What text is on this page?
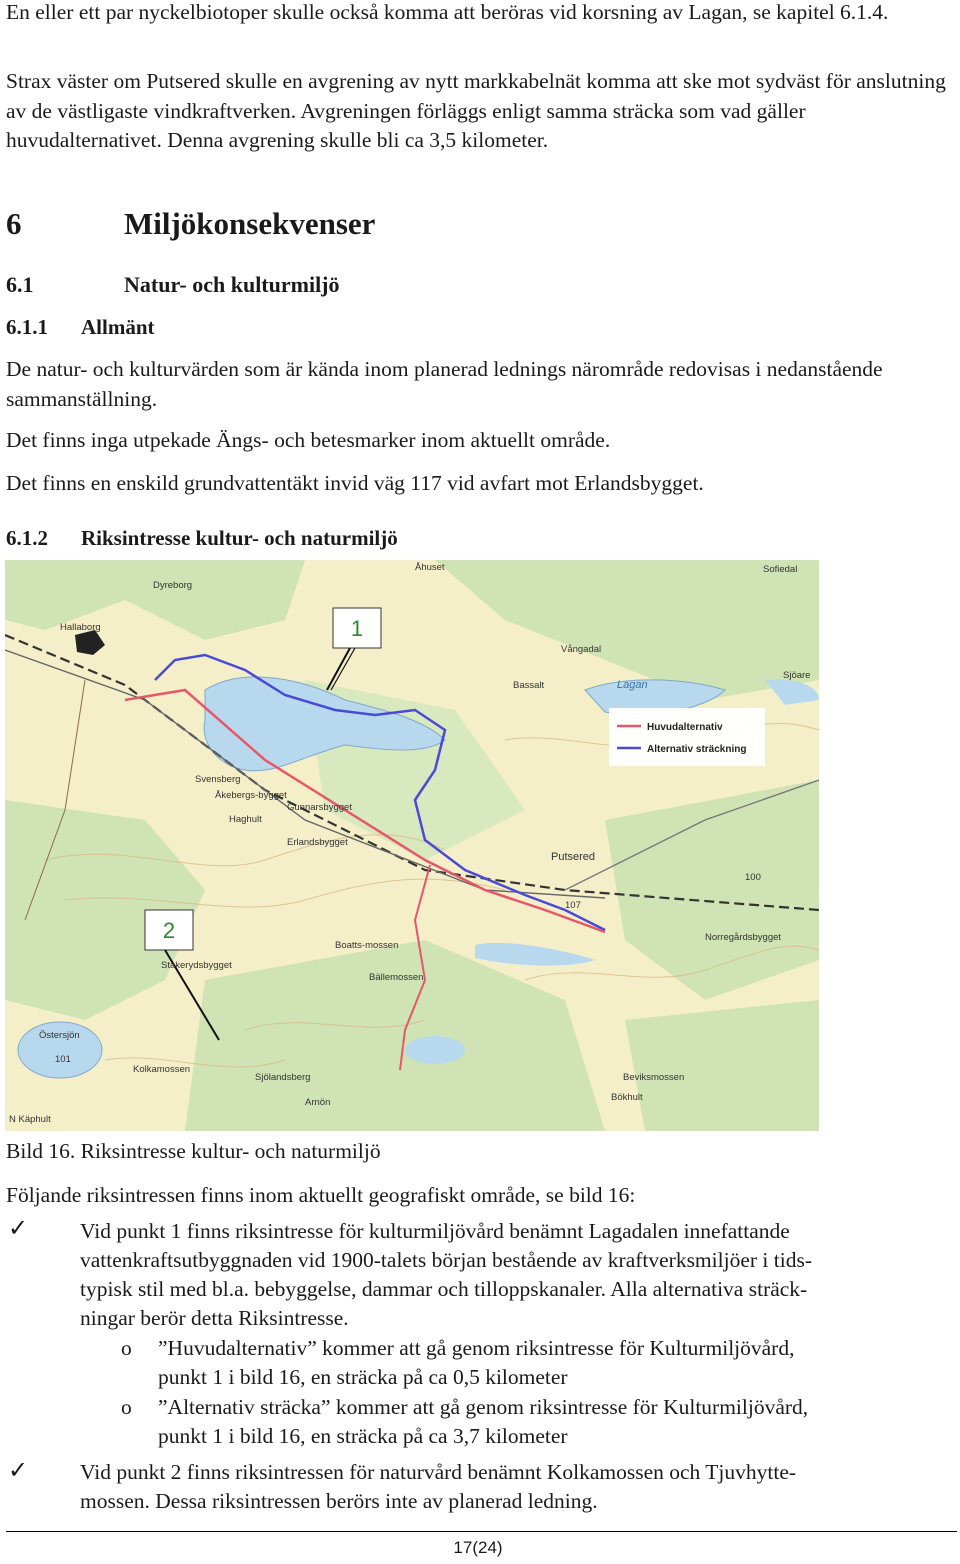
En eller ett par nyckelbiotoper skulle också komma att beröras vid korsning av Lagan, se kapitel 6.1.4.

Strax väster om Putsered skulle en avgrening av nytt markkabelnät komma att ske mot sydväst för anslutning av de västligaste vindkraftverken. Avgreningen förläggs enligt samma sträcka som vad gäller huvudalternativet. Denna avgrening skulle bli ca 3,5 kilometer.

6	Miljökonsekvenser
6.1	Natur- och kulturmiljö
6.1.1 Allmänt

De natur- och kulturvärden som är kända inom planerad lednings närområde redovisas i nedanstående sammanställning.

Det finns inga utpekade Ängs- och betesmarker inom aktuellt område.

Det finns en enskild grundvattentäkt invid väg 117 vid avfart mot Erlandsbygget.

6.1.2 Riksintresse kultur- och naturmiljö
Huvudalternativ
Alternativ sträckning
1
2
Åhuset	Sofiedal
Dyreborg
Hallaborg
Vångadal
Lagan
Bassalt
Sjöare
Svensberg
Åkebergs-bygget
Gunnarsbygget
Haghult
Erlandsbygget
Putsered
100
107
Boatts-mossen
Bällemossen
Norregårdsbygget
Stakerydsbygget
Östersjön
101
Kolkamossen
Sjölandsberg
Arnön
Beviksmossen
Bökhult
N Käphult

Bild 16. Riksintresse kultur- och naturmiljö

Följande riksintressen finns inom aktuellt geografiskt område, se bild 16:

✓ Vid punkt 1 finns riksintresse för kulturmiljövård benämnt Lagadalen innefattande

vattenkraftsutbyggnaden vid 1900-talets början bestående av kraftverksmiljöer i tids-

typisk stil med bl.a. bebyggelse, dammar och tilloppskanaler. Alla alternativa sträck-

ningar berör detta Riksintresse.

o ”Huvudalternativ” kommer att gå genom riksintresse för Kulturmiljövård,

punkt 1 i bild 16, en sträcka på ca 0,5 kilometer

o ”Alternativ sträcka” kommer att gå genom riksintresse för Kulturmiljövård,

punkt 1 i bild 16, en sträcka på ca 3,7 kilometer

✓ Vid punkt 2 finns riksintressen för naturvård benämnt Kolkamossen och Tjuvhytte-

mossen. Dessa riksintressen berörs inte av planerad ledning.

17(24)
